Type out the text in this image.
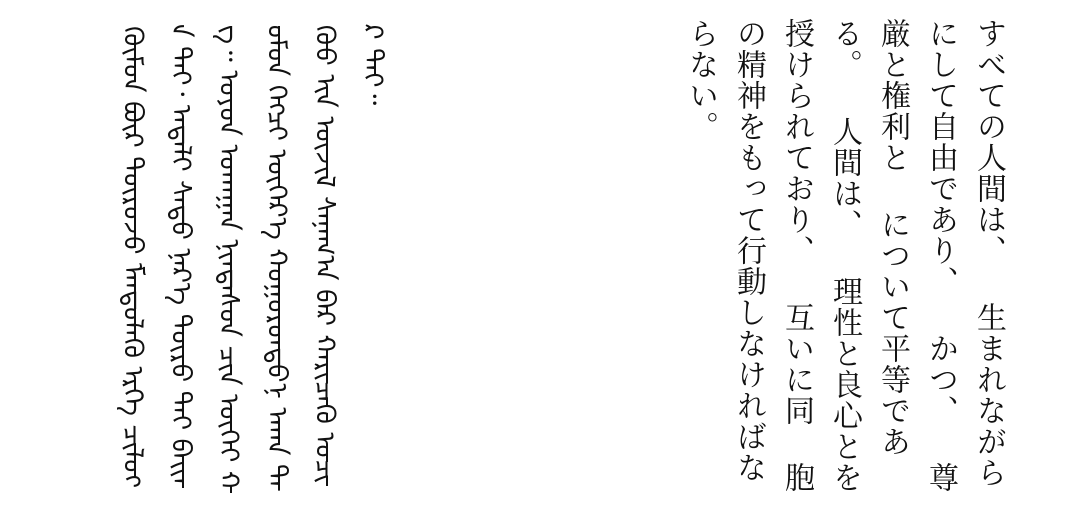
すべての人間は、 生まれながらにして自由であり、 かつ、 尊厳と権利と について平等である。 人間は、 理性と良心とを授けられており、 互いに同 胞の精神をもって行動しなければならない。
ᠬᠦᠮᠦᠨ ᠪᠦᠷ ᠲᠥᠷᠥᠵᠦ ᠮᠡᠨᠳᠦᠯᠡᠬᠦ ᠡᠷᠬᠡ ᠴᠢᠯᠥᠭᠡ ᠲᠡᠢ᠂ ᠠᠳᠠᠯᠢ ᠰᠠᠳᠤ ᠨᠡᠷ᠎ᠡ ᠲᠥᠷᠥ ᠲᠡᠢ ᠪᠠᠢᠠᠭ᠃ ᠣᠶᠤᠨ ᠤᠬᠠᠭᠠᠨ ᠨᠢᠨᠳᠡᠰᠦᠨ ᠴᠢᠨ ᠦᠭᠡᠢ ᠬᠦᠮᠦᠨ ᠬᠡᠭᠴᠢ ᠥᠭᠡᠷ᠎ᠡ ᠬᠣᠭᠣᠷᠣᠨᠳᠣ᠎ᠨ ᠠᠬᠠ ᠳᠡᠭᠦᠦ ᠢᠨ ᠦᠵᠢᠯ ᠰᠠᠨᠠᠭ᠎ᠠ ᠪᠠᠷ ᠬᠠᠷᠢᠴᠠᠬᠥ ᠤᠴᠢᠷ ᠲᠠᠢ᠃
